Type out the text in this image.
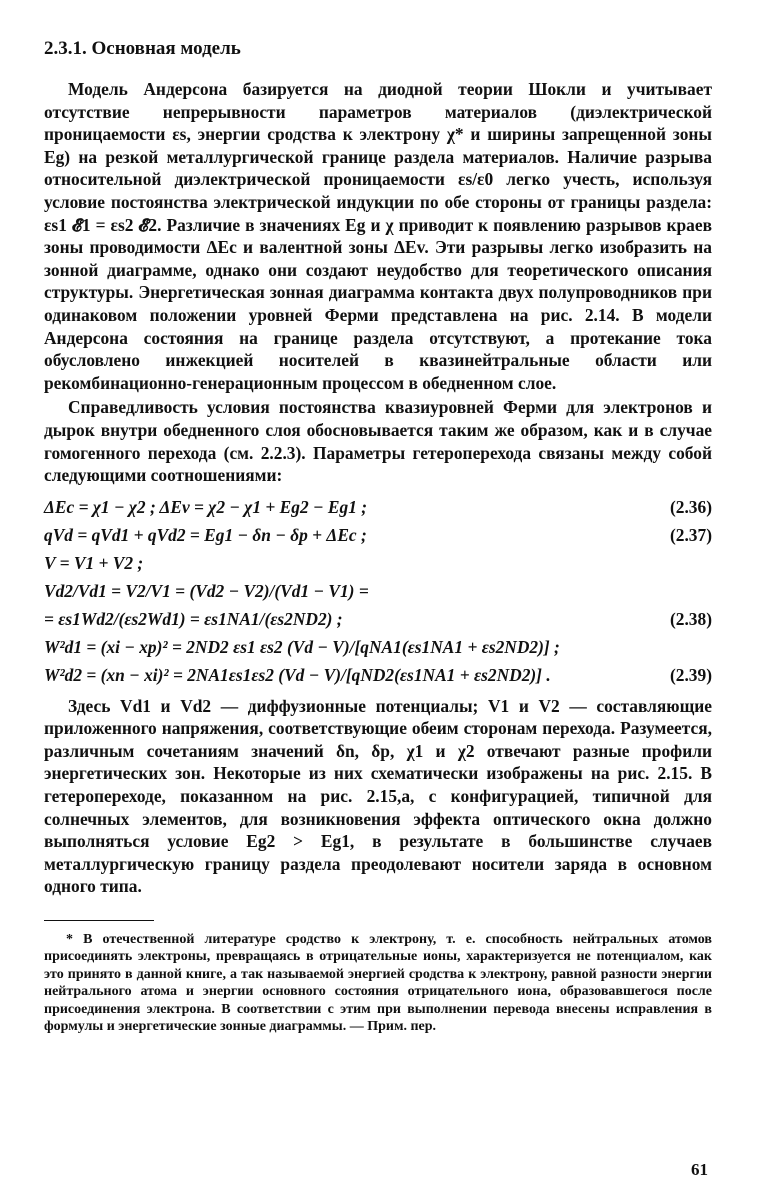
2.3.1. Основная модель

Модель Андерсона базируется на диодной теории Шокли и учитывает отсутствие непрерывности параметров материалов (диэлектрической проницаемости εs, энергии сродства к электрону χ* и ширины запрещенной зоны Eg) на резкой металлургической границе раздела материалов. Наличие разрыва относительной диэлектрической проницаемости εs/ε0 легко учесть, используя условие постоянства электрической индукции по обе стороны от границы раздела: εs1 𝓔1 = εs2 𝓔2. Различие в значениях Eg и χ приводит к появлению разрывов краев зоны проводимости ΔEc и валентной зоны ΔEv. Эти разрывы легко изобразить на зонной диаграмме, однако они создают неудобство для теоретического описания структуры. Энергетическая зонная диаграмма контакта двух полупроводников при одинаковом положении уровней Ферми представлена на рис. 2.14. В модели Андерсона состояния на границе раздела отсутствуют, а протекание тока обусловлено инжекцией носителей в квазинейтральные области или рекомбинационно-генерационным процессом в обедненном слое.

Справедливость условия постоянства квазиуровней Ферми для электронов и дырок внутри обедненного слоя обосновывается таким же образом, как и в случае гомогенного перехода (см. 2.2.3). Параметры гетероперехода связаны между собой следующими соотношениями:

ΔEc = χ1 − χ2 ; ΔEv = χ2 − χ1 + Eg2 − Eg1 ;	(2.36)
qVd = qVd1 + qVd2 = Eg1 − δn − δp + ΔEc ;	(2.37)
V = V1 + V2 ;
Vd2/Vd1 = V2/V1 = (Vd2 − V2)/(Vd1 − V1) =
= εs1Wd2/(εs2Wd1) = εs1NA1/(εs2ND2) ;	(2.38)
W²d1 = (xi − xp)² = 2ND2 εs1 εs2 (Vd − V)/[qNA1(εs1NA1 + εs2ND2)] ;
W²d2 = (xn − xi)² = 2NA1εs1εs2 (Vd − V)/[qND2(εs1NA1 + εs2ND2)] .	(2.39)

Здесь Vd1 и Vd2 — диффузионные потенциалы; V1 и V2 — составляющие приложенного напряжения, соответствующие обеим сторонам перехода. Разумеется, различным сочетаниям значений δn, δp, χ1 и χ2 отвечают разные профили энергетических зон. Некоторые из них схематически изображены на рис. 2.15. В гетеропереходе, показанном на рис. 2.15,а, с конфигурацией, типичной для солнечных элементов, для возникновения эффекта оптического окна должно выполняться условие Eg2 > Eg1, в результате в большинстве случаев металлургическую границу раздела преодолевают носители заряда в основном одного типа.

* В отечественной литературе сродство к электрону, т. е. способность нейтральных атомов присоединять электроны, превращаясь в отрицательные ионы, характеризуется не потенциалом, как это принято в данной книге, а так называемой энергией сродства к электрону, равной разности энергии нейтрального атома и энергии основного состояния отрицательного иона, образовавшегося после присоединения электрона. В соответствии с этим при выполнении перевода внесены исправления в формулы и энергетические зонные диаграммы. — Прим. пер.

61
